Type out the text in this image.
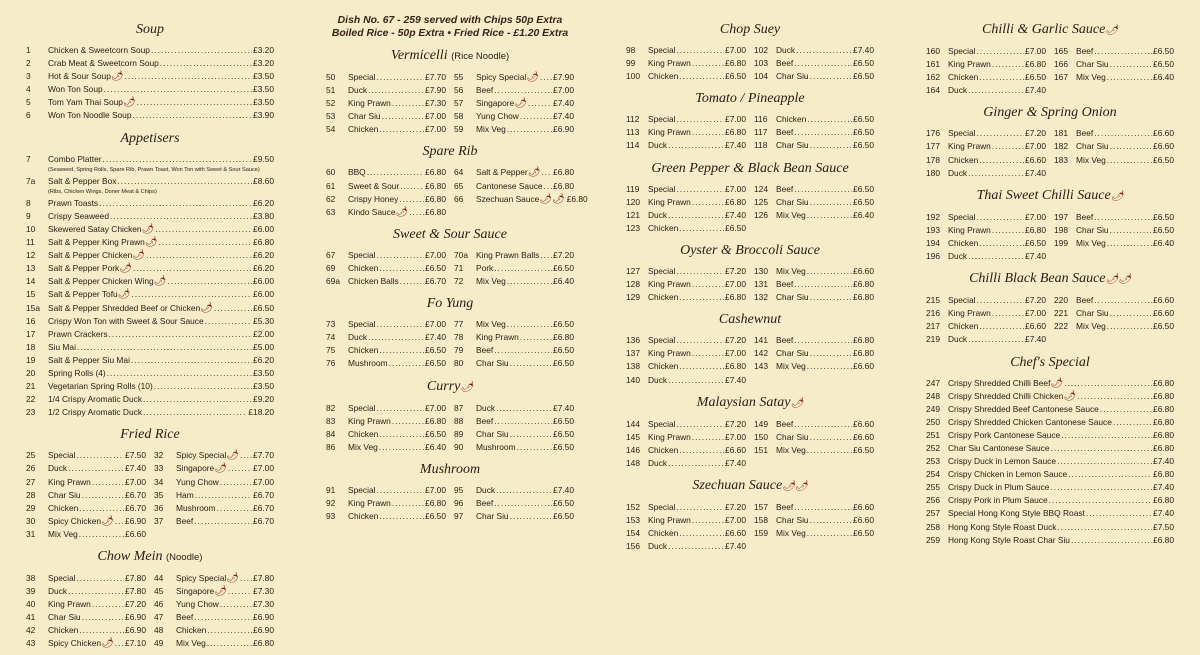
Soup
1	Chicken & Sweetcorn Soup .....	£3.20
2	Crab Meat & Sweetcorn Soup .....	£3.20
3	Hot & Sour Soup 🌶 .....	£3.50
4	Won Ton Soup .....	£3.50
5	Tom Yam Thai Soup 🌶 .....	£3.50
6	Won Ton Noodle Soup .....	£3.90
Appetisers
7	Combo Platter .....	£9.50
(Seaweed, Spring Rolls, Spare Rib, Prawn Toast, Won Ton with Sweet & Sour Sauce)
7a	Salt & Pepper Box .....	£8.60
(Ribs, Chicken Wings, Doner Meat & Chips)
8	Prawn Toasts .....	£6.20
9	Crispy Seaweed .....	£3.80
10	Skewered Satay Chicken 🌶 .....	£6.00
11	Salt & Pepper King Prawn 🌶 .....	£6.80
12	Salt & Pepper Chicken 🌶 .....	£6.20
13	Salt & Pepper Pork 🌶 .....	£6.20
14	Salt & Pepper Chicken Wing 🌶 .....	£6.00
15	Salt & Pepper Tofu 🌶 .....	£6.00
15a Salt & Pepper Shredded Beef or Chicken 🌶 .....	£6.50
16	Crispy Won Ton with Sweet & Sour Sauce .....	£5.30
17	Prawn Crackers .....	£2.00
18	Siu Mai .....	£5.00
19	Salt & Pepper Siu Mai .....	£6.20
20	Spring Rolls (4) .....	£3.50
21	Vegetarian Spring Rolls (10) .....	£3.50
22	1/4 Crispy Aromatic Duck .....	£9.20
23	1/2 Crispy Aromatic Duck .....	£18.20
Fried Rice
25	Special .....	£7.50
26	Duck .....	£7.40
27	King Prawn .....	£7.00
28	Char Siu .....	£6.70
29	Chicken .....	£6.70
30	Spicy Chicken 🌶 ..... £6.90
31	Mix Veg .....	£6.60
32	Spicy Special 🌶 ..... £7.70
33	Singapore 🌶 .....	£7.00
34	Yung Chow .....	£7.00
35	Ham .....	£6.70
36	Mushroom .....	£6.70
37	Beef .....	£6.70
Chow Mein (Noodle)
38	Special .....	£7.80
39	Duck .....	£7.80
40	King Prawn .....	£7.20
41	Char Siu .....	£6.90
42	Chicken .....	£6.90
43	Spicy Chicken 🌶 ..... £7.10
44	Spicy Special 🌶 ..... £7.80
45	Singapore 🌶 .....	£7.30
46	Yung Chow .....	£7.30
47	Beef .....	£6.90
48	Chicken .....	£6.90
49	Mix Veg .....	£6.80
Dish No. 67 - 259 served with Chips 50p Extra
Boiled Rice - 50p Extra • Fried Rice - £1.20 Extra
Vermicelli (Rice Noodle)
50	Special .....	£7.70
51	Duck .....	£7.90
52	King Prawn .....	£7.30
53	Char Siu .....	£7.00
54	Chicken .....	£7.00
55	Spicy Special 🌶 ..... £7.90
56	Beef .....	£7.00
57	Singapore 🌶 .....	£7.40
58	Yung Chow .....	£7.40
59	Mix Veg .....	£6.90
Spare Rib
60	BBQ .....	£6.80
61	Sweet & Sour .....	£6.80
62	Crispy Honey .....	£6.80
63	Kindo Sauce 🌶 ..... £6.80
64	Salt & Pepper 🌶 ..... £6.80
65	Cantonese Sauce ..... £6.80
66	Szechuan Sauce 🌶🌶 £6.80
Sweet & Sour Sauce
67	Special .....	£7.00
69	Chicken .....	£6.50
69a Chicken Balls .....	£6.70
70a King Prawn Balls ..... £7.20
71	Pork .....	£6.50
72	Mix Veg .....	£6.40
Fo Yung
73	Special .....	£7.00
74	Duck .....	£7.40
75	Chicken .....	£6.50
76	Mushroom .....	£6.50
77	Mix Veg .....	£6.50
78	King Prawn .....	£6.80
79	Beef .....	£6.50
80	Char Siu .....	£6.50
Curry🌶
82	Special .....	£7.00
83	King Prawn .....	£6.80
84	Chicken .....	£6.50
86	Mix Veg .....	£6.40
87	Duck .....	£7.40
88	Beef .....	£6.50
89	Char Siu .....	£6.50
90	Mushroom .....	£6.50
Mushroom
91	Special .....	£7.00
92	King Prawn .....	£6.80
93	Chicken .....	£6.50
95	Duck .....	£7.40
96	Beef .....	£6.50
97	Char Siu .....	£6.50
Chop Suey
98	Special .....	£7.00
99	King Prawn .....	£6.80
100 Chicken .....	£6.50
102 Duck .....	£7.40
103 Beef .....	£6.50
104 Char Siu .....	£6.50
Tomato / Pineapple
112	Special .....	£7.00
113	King Prawn .....	£6.80
114	Duck .....	£7.40
116	Chicken .....	£6.50
117	Beef .....	£6.50
118	Char Siu .....	£6.50
Green Pepper & Black Bean Sauce
119	Special .....	£7.00
120 King Prawn .....	£6.80
121 Duck .....	£7.40
123 Chicken .....	£6.50
124 Beef .....	£6.50
125 Char Siu .....	£6.50
126 Mix Veg .....	£6.40
Oyster & Broccoli Sauce
127 Special .....	£7.20
128 King Prawn .....	£7.00
129 Chicken .....	£6.80
130 Mix Veg .....	£6.60
131 Beef .....	£6.80
132 Char Siu .....	£6.80
Cashewnut
136 Special .....	£7.20
137 King Prawn .....	£7.00
138 Chicken .....	£6.80
140 Duck .....	£7.40
141 Beef .....	£6.80
142 Char Siu .....	£6.80
143 Mix Veg .....	£6.60
Malaysian Satay🌶
144 Special .....	£7.20
145 King Prawn .....	£7.00
146 Chicken .....	£6.60
148 Duck .....	£7.40
149 Beef .....	£6.60
150 Char Siu .....	£6.60
151 Mix Veg .....	£6.50
Szechuan Sauce🌶🌶
152 Special .....	£7.20
153 King Prawn .....	£7.00
154 Chicken .....	£6.60
156 Duck .....	£7.40
157 Beef .....	£6.60
158 Char Siu .....	£6.60
159 Mix Veg .....	£6.50
Chilli & Garlic Sauce🌶
160 Special .....	£7.00
161 King Prawn .....	£6.80
162 Chicken .....	£6.50
164 Duck .....	£7.40
165 Beef .....	£6.50
166 Char Siu .....	£6.50
167 Mix Veg .....	£6.40
Ginger & Spring Onion
176 Special .....	£7.20
177 King Prawn .....	£7.00
178 Chicken .....	£6.60
180 Duck .....	£7.40
181 Beef .....	£6.60
182 Char Siu .....	£6.60
183 Mix Veg .....	£6.50
Thai Sweet Chilli Sauce🌶
192 Special .....	£7.00
193 King Prawn .....	£6.80
194 Chicken .....	£6.50
196 Duck .....	£7.40
197 Beef .....	£6.50
198 Char Siu .....	£6.50
199 Mix Veg .....	£6.40
Chilli Black Bean Sauce🌶🌶
215 Special .....	£7.20
216 King Prawn .....	£7.00
217 Chicken .....	£6.60
219 Duck .....	£7.40
220 Beef .....	£6.60
221 Char Siu .....	£6.60
222 Mix Veg .....	£6.50
Chef's Special
247 Crispy Shredded Chilli Beef 🌶 .....	£6.80
248 Crispy Shredded Chilli Chicken 🌶 .....	£6.80
249 Crispy Shredded Beef Cantonese Sauce .....	£6.80
250 Crispy Shredded Chicken Cantonese Sauce .....	£6.80
251 Crispy Pork Cantonese Sauce .....	£6.80
252 Char Siu Cantonese Sauce .....	£6.80
253 Crispy Duck in Lemon Sauce .....	£7.40
254 Crispy Chicken in Lemon Sauce .....	£6.80
255 Crispy Duck in Plum Sauce .....	£7.40
256 Crispy Pork in Plum Sauce .....	£6.80
257 Special Hong Kong Style BBQ Roast .....	£7.40
258 Hong Kong Style Roast Duck .....	£7.50
259 Hong Kong Style Roast Char Siu .....	£6.80
